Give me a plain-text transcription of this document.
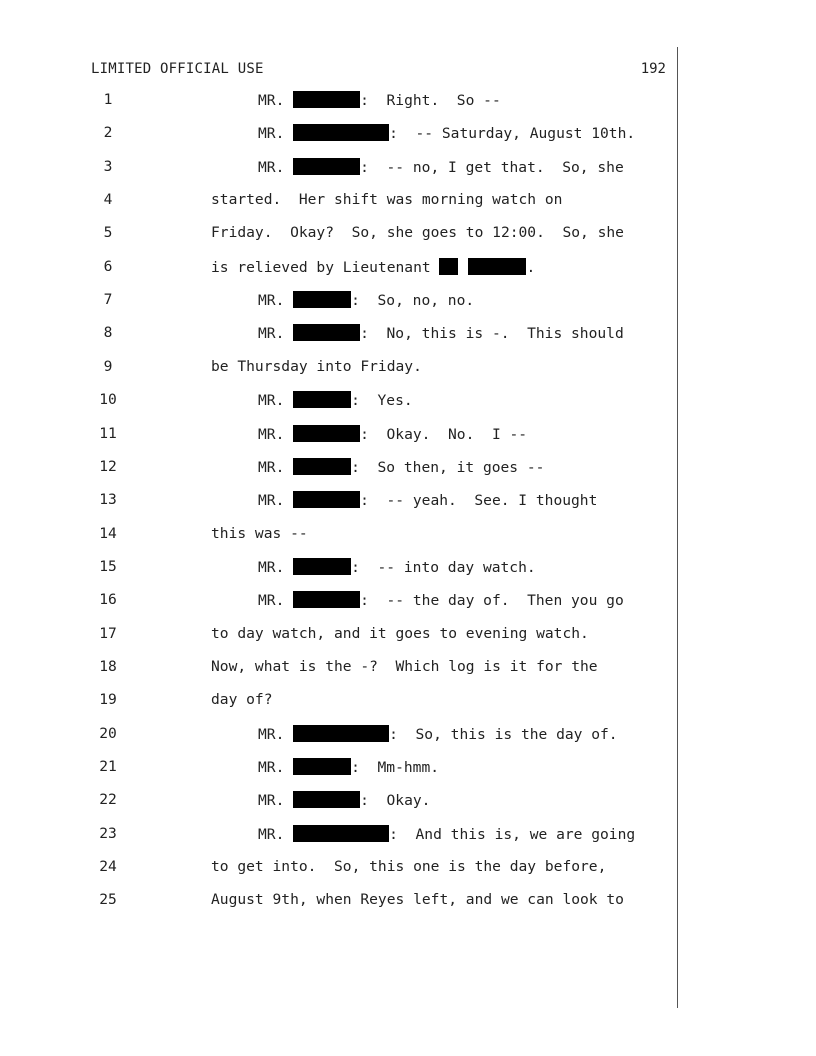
LIMITED OFFICIAL USE	192
1	MR.	:  Right.  So --
2	MR.	:  -- Saturday, August 10th.
3	MR.	:  -- no, I get that.  So, she
4	started.  Her shift was morning watch on
5	Friday.  Okay?  So, she goes to 12:00.  So, she
6	is relieved by Lieutenant	.
7	MR.	:  So, no, no.
8	MR.	:  No, this is -.  This should
9	be Thursday into Friday.
10	MR.	:  Yes.
11	MR.	:  Okay.  No.  I --
12	MR.	:  So then, it goes --
13	MR.	:  -- yeah.  See. I thought
14	this was --
15	MR.	:  -- into day watch.
16	MR.	:  -- the day of.  Then you go
17	to day watch, and it goes to evening watch.
18	Now, what is the -?  Which log is it for the
19	day of?
20	MR.	:  So, this is the day of.
21	MR.	:  Mm-hmm.
22	MR.	:  Okay.
23	MR.	:  And this is, we are going
24	to get into.  So, this one is the day before,
25	August 9th, when Reyes left, and we can look to
